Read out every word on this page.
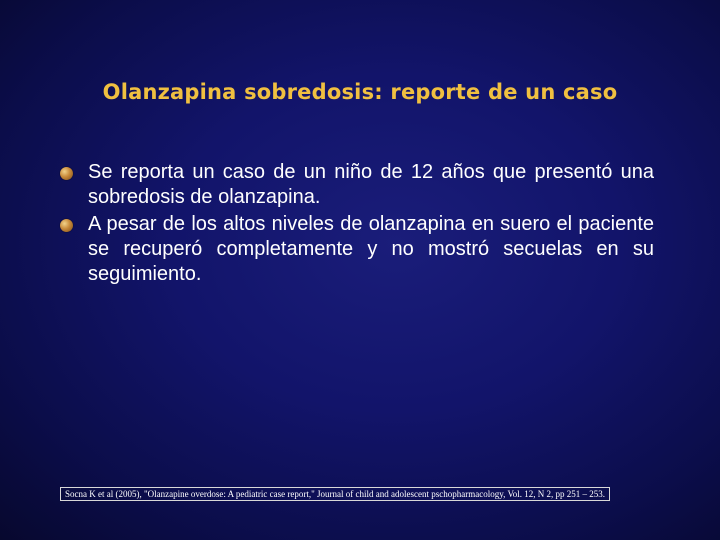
Olanzapina sobredosis: reporte de un caso
Se reporta un caso de un niño de 12 años que presentó una sobredosis de olanzapina.
A pesar de los altos niveles de olanzapina en suero el paciente se recuperó completamente y no mostró secuelas en su seguimiento.
Socna K et al (2005), "Olanzapine overdose: A pediatric case report," Journal of child and adolescent pschopharmacology, Vol. 12, N 2, pp 251 – 253.
